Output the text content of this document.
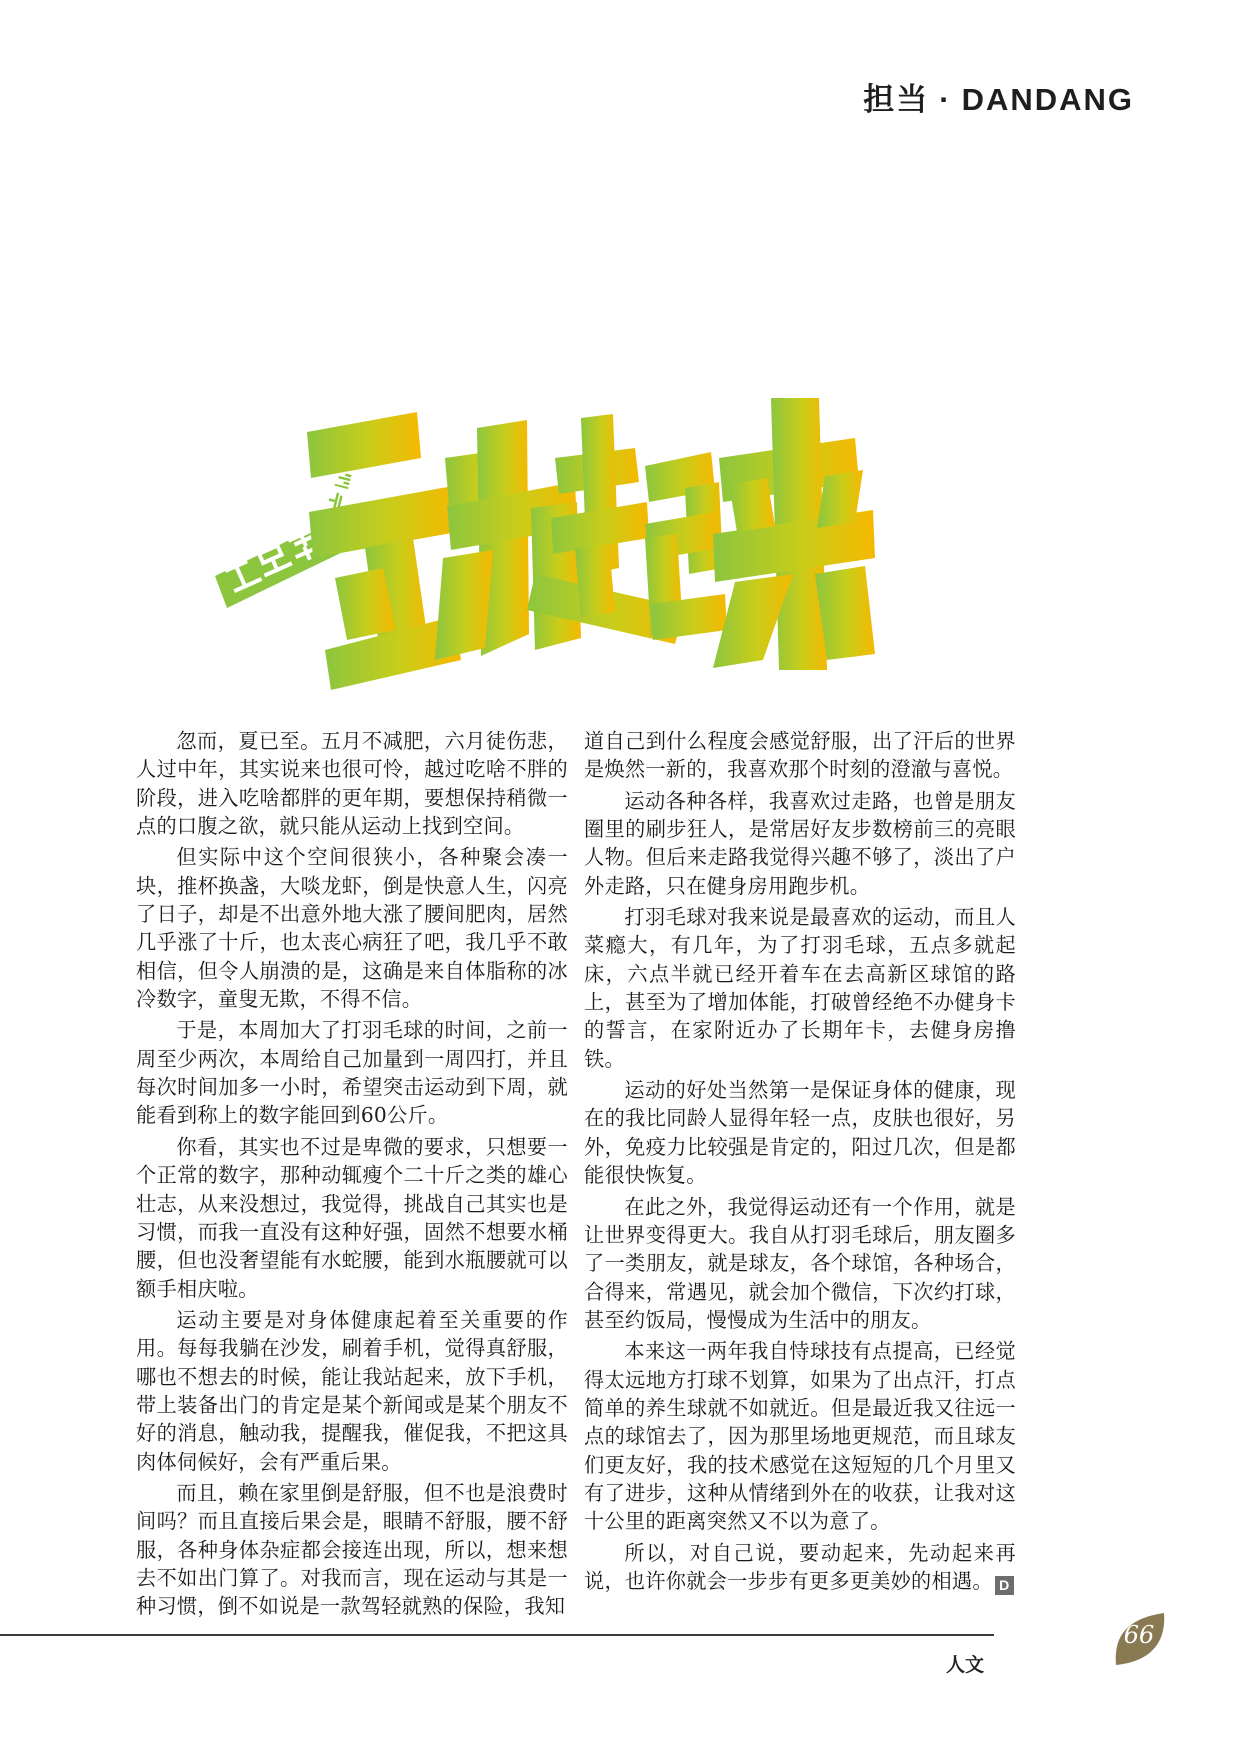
担当 · DANDANG

忽而，夏已至。五月不减肥，六月徒伤悲，人过中年，其实说来也很可怜，越过吃啥不胖的阶段，进入吃啥都胖的更年期，要想保持稍微一点的口腹之欲，就只能从运动上找到空间。

但实际中这个空间很狭小，各种聚会凑一块，推杯换盏，大啖龙虾，倒是快意人生，闪亮了日子，却是不出意外地大涨了腰间肥肉，居然几乎涨了十斤，也太丧心病狂了吧，我几乎不敢相信，但令人崩溃的是，这确是来自体脂称的冰冷数字，童叟无欺，不得不信。

于是，本周加大了打羽毛球的时间，之前一周至少两次，本周给自己加量到一周四打，并且每次时间加多一小时，希望突击运动到下周，就能看到称上的数字能回到60公斤。

你看，其实也不过是卑微的要求，只想要一个正常的数字，那种动辄瘦个二十斤之类的雄心壮志，从来没想过，我觉得，挑战自己其实也是习惯，而我一直没有这种好强，固然不想要水桶腰，但也没奢望能有水蛇腰，能到水瓶腰就可以额手相庆啦。

运动主要是对身体健康起着至关重要的作用。每每我躺在沙发，刷着手机，觉得真舒服，哪也不想去的时候，能让我站起来，放下手机，带上装备出门的肯定是某个新闻或是某个朋友不好的消息，触动我，提醒我，催促我，不把这具肉体伺候好，会有严重后果。

而且，赖在家里倒是舒服，但不也是浪费时间吗？而且直接后果会是，眼睛不舒服，腰不舒服，各种身体杂症都会接连出现，所以，想来想去不如出门算了。对我而言，现在运动与其是一种习惯，倒不如说是一款驾轻就熟的保险，我知

道自己到什么程度会感觉舒服，出了汗后的世界是焕然一新的，我喜欢那个时刻的澄澈与喜悦。

运动各种各样，我喜欢过走路，也曾是朋友圈里的刷步狂人，是常居好友步数榜前三的亮眼人物。但后来走路我觉得兴趣不够了，淡出了户外走路，只在健身房用跑步机。

打羽毛球对我来说是最喜欢的运动，而且人菜瘾大，有几年，为了打羽毛球，五点多就起床，六点半就已经开着车在去高新区球馆的路上，甚至为了增加体能，打破曾经绝不办健身卡的誓言，在家附近办了长期年卡，去健身房撸铁。

运动的好处当然第一是保证身体的健康，现在的我比同龄人显得年轻一点，皮肤也很好，另外，免疫力比较强是肯定的，阳过几次，但是都能很快恢复。

在此之外，我觉得运动还有一个作用，就是让世界变得更大。我自从打羽毛球后，朋友圈多了一类朋友，就是球友，各个球馆，各种场合，合得来，常遇见，就会加个微信，下次约打球，甚至约饭局，慢慢成为生活中的朋友。

本来这一两年我自恃球技有点提高，已经觉得太远地方打球不划算，如果为了出点汗，打点简单的养生球就不如就近。但是最近我又往远一点的球馆去了，因为那里场地更规范，而且球友们更友好，我的技术感觉在这短短的几个月里又有了进步，这种从情绪到外在的收获，让我对这十公里的距离突然又不以为意了。

所以，对自己说，要动起来，先动起来再说，也许你就会一步步有更多更美妙的相遇。 D

人文
66
